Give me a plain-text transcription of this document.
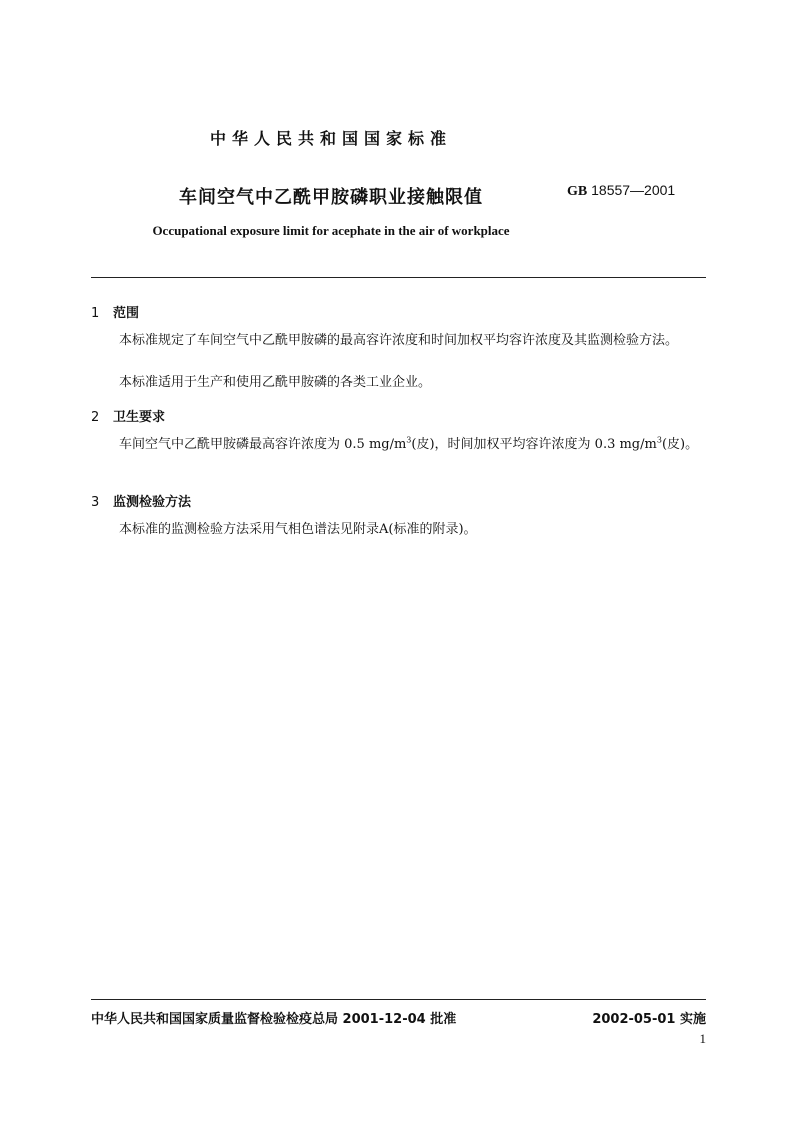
中华人民共和国国家标准
车间空气中乙酰甲胺磷职业接触限值	GB 18557—2001
Occupational exposure limit for acephate in the air of workplace
1 范围
本标准规定了车间空气中乙酰甲胺磷的最高容许浓度和时间加权平均容许浓度及其监测检验方法。
本标准适用于生产和使用乙酰甲胺磷的各类工业企业。
2 卫生要求
车间空气中乙酰甲胺磷最高容许浓度为 0.5 $mg/m^3$(皮)，时间加权平均容许浓度为 0.3 $mg/m^3$(皮)。
3 监测检验方法
本标准的监测检验方法采用气相色谱法见附录A(标准的附录)。
中华人民共和国国家质量监督检验检疫总局 2001-12-04 批准	2002-05-01 实施
1
